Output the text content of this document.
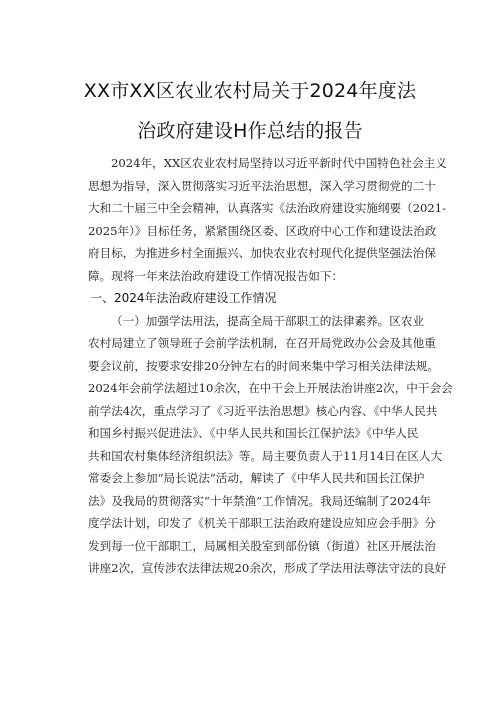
XX市XX区农业农村局关于2024年度法
治政府建设H作总结的报告
2024年，XX区农业农村局坚持以习近平新时代中国特色社会主义
思想为指导，深入贯彻落实习近平法治思想，深入学习贯彻党的二十
大和二十届三中全会精神，认真落实《法治政府建设实施纲要（2021-
2025年）》目标任务，紧紧围绕区委、区政府中心工作和建设法治政
府目标，为推进乡村全面振兴、加快农业农村现代化提供坚强法治保
障。现将一年来法治政府建设工作情况报告如下：
一、2024年法治政府建设工作情况
（一）加强学法用法，提高全局干部职工的法律素养。区农业
农村局建立了领导班子会前学法机制，在召开局党政办公会及其他重
要会议前，按要求安排20分钟左右的时间来集中学习相关法律法规。
2024年会前学法超过10余次，在中干会上开展法治讲座2次，中干会会
前学法4次，重点学习了《习近平法治思想》核心内容、《中华人民共
和国乡村振兴促进法》、《中华人民共和国长江保护法》《中华人民
共和国农村集体经济组织法》等。局主要负责人于11月14日在区人大
常委会上参加“局长说法”活动，解读了《中华人民共和国长江保护
法》及我局的贯彻落实“十年禁渔”工作情况。我局还编制了2024年
度学法计划，印发了《机关干部职工法治政府建设应知应会手册》分
发到每一位干部职工，局属相关股室到部份镇（街道）社区开展法治
讲座2次，宣传涉农法律法规20余次，形成了学法用法尊法守法的良好
